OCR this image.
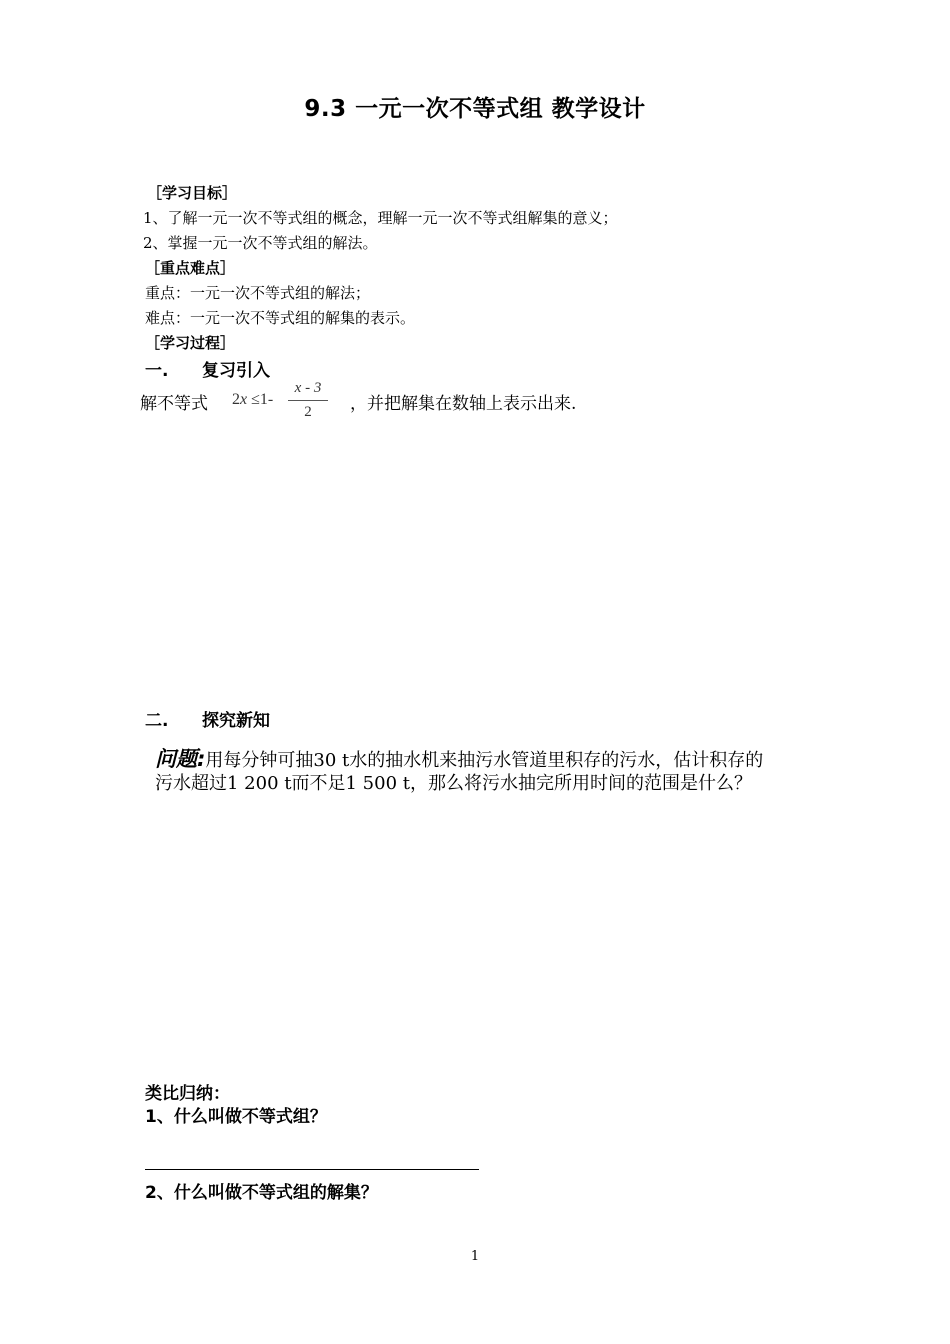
9.3 一元一次不等式组 教学设计
［学习目标］
1、了解一元一次不等式组的概念，理解一元一次不等式组解集的意义；
2、掌握一元一次不等式组的解法。
［重点难点］
重点：一元一次不等式组的解法；
难点：一元一次不等式组的解集的表示。
［学习过程］
一. 复习引入
解不等式 2x ≤1-
x - 3
2	，并把解集在数轴上表示出来.
二. 探究新知
问题:用每分钟可抽30 t水的抽水机来抽污水管道里积存的污水，估计积存的
污水超过1 200 t而不足1 500 t，那么将污水抽完所用时间的范围是什么？
类比归纳：
1、什么叫做不等式组？
2、什么叫做不等式组的解集？
1
